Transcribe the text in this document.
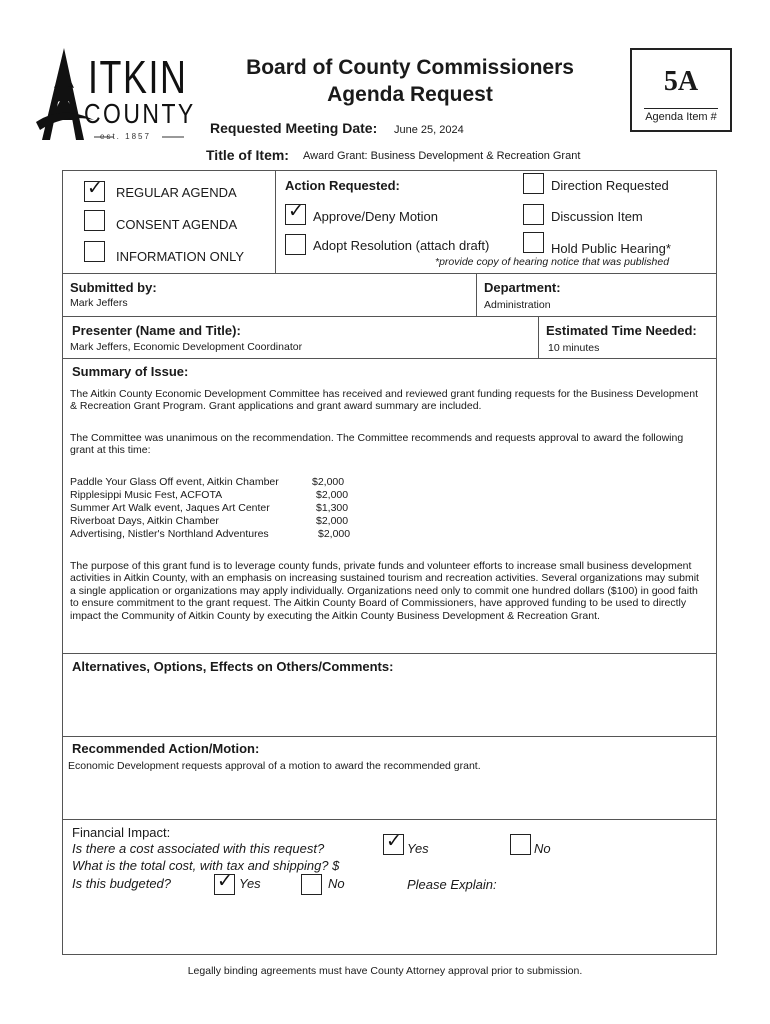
ITKIN
COUNTY
est. 1857
Board of County Commissioners
Agenda Request
Requested Meeting Date: June 25, 2024
Title of Item: Award Grant: Business Development & Recreation Grant
5A
Agenda Item #
✓ REGULAR AGENDA
CONSENT AGENDA
INFORMATION ONLY
Action Requested:
✓ Approve/Deny Motion
Adopt Resolution (attach draft)
Direction Requested
Discussion Item
Hold Public Hearing*
*provide copy of hearing notice that was published
Submitted by:
Mark Jeffers
Department:
Administration
Presenter (Name and Title):
Mark Jeffers, Economic Development Coordinator
Estimated Time Needed:
10 minutes
Summary of Issue:
The Aitkin County Economic Development Committee has received and reviewed grant funding requests for the Business Development & Recreation Grant Program. Grant applications and grant award summary are included.
The Committee was unanimous on the recommendation. The Committee recommends and requests approval to award the following grant at this time:
Paddle Your Glass Off event, Aitkin Chamber	$2,000
Ripplesippi Music Fest, ACFOTA	$2,000
Summer Art Walk event, Jaques Art Center	$1,300
Riverboat Days, Aitkin Chamber	$2,000
Advertising, Nistler's Northland Adventures	$2,000
The purpose of this grant fund is to leverage county funds, private funds and volunteer efforts to increase small business development activities in Aitkin County, with an emphasis on increasing sustained tourism and recreation activities. Several organizations may submit a single application or organizations may apply individually. Organizations need only to commit one hundred dollars ($100) in good faith to ensure commitment to the grant request. The Aitkin County Board of Commissioners, have approved funding to be used to directly impact the Community of Aitkin County by executing the Aitkin County Business Development & Recreation Grant.
Alternatives, Options, Effects on Others/Comments:
Recommended Action/Motion:
Economic Development requests approval of a motion to award the recommended grant.
Financial Impact:
Is there a cost associated with this request?	✓ Yes	No
What is the total cost, with tax and shipping? $
Is this budgeted? ✓ Yes	No	Please Explain:
Legally binding agreements must have County Attorney approval prior to submission.
